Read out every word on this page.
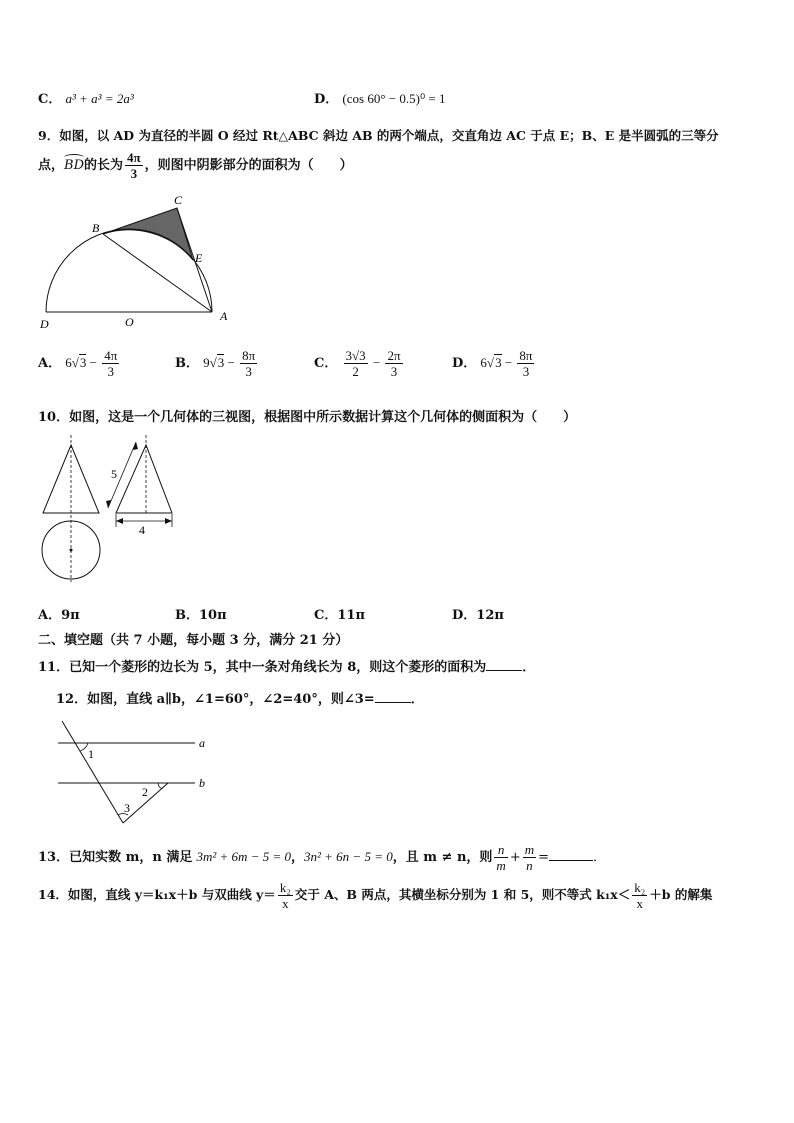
C． a³ + a³ = 2a³	D． (cos 60° − 0.5)⁰ = 1
9．如图，以 AD 为直径的半圆 O 经过 Rt△ABC 斜边 AB 的两个端点，交直角边 AC 于点 E；B、E 是半圆弧的三等分
点，
BD的长为 $\frac{4\pi}{3}$ ，则图中阴影部分的面积为（　　）
C
B
E
D	O	A
A． $6√3 - \frac{4\pi}{3}$	B． $9√3 - \frac{8\pi}{3}$	C． $\frac{3√3}{2} - \frac{2\pi}{3}$	D． $6√3 - \frac{8\pi}{3}$
10．如图，这是一个几何体的三视图，根据图中所示数据计算这个几何体的侧面积为（　　）
5
4
A．9π	B．10π	C．11π	D．12π
二、填空题（共 7 小题，每小题 3 分，满分 21 分）
11．已知一个菱形的边长为 5，其中一条对角线长为 8，则这个菱形的面积为	．
12．如图，直线 a∥b，∠1=60°，∠2=40°，则∠3=	．
a
b
1
2
3
13．已知实数 m，n 满足 3m² + 6m − 5 = 0，3n² + 6n − 5 = 0，且 m ≠ n，则 $\frac{n}{m} + \frac{m}{n}$ =	．
14．如图，直线 y＝k₁x＋b 与双曲线 $y= \frac{\text{k₂}}{x}$ 交于 A、B 两点，其横坐标分别为 1 和 5，则不等式 $k_1x< \frac{\text{k₂}}{x} +b$ 的解集
